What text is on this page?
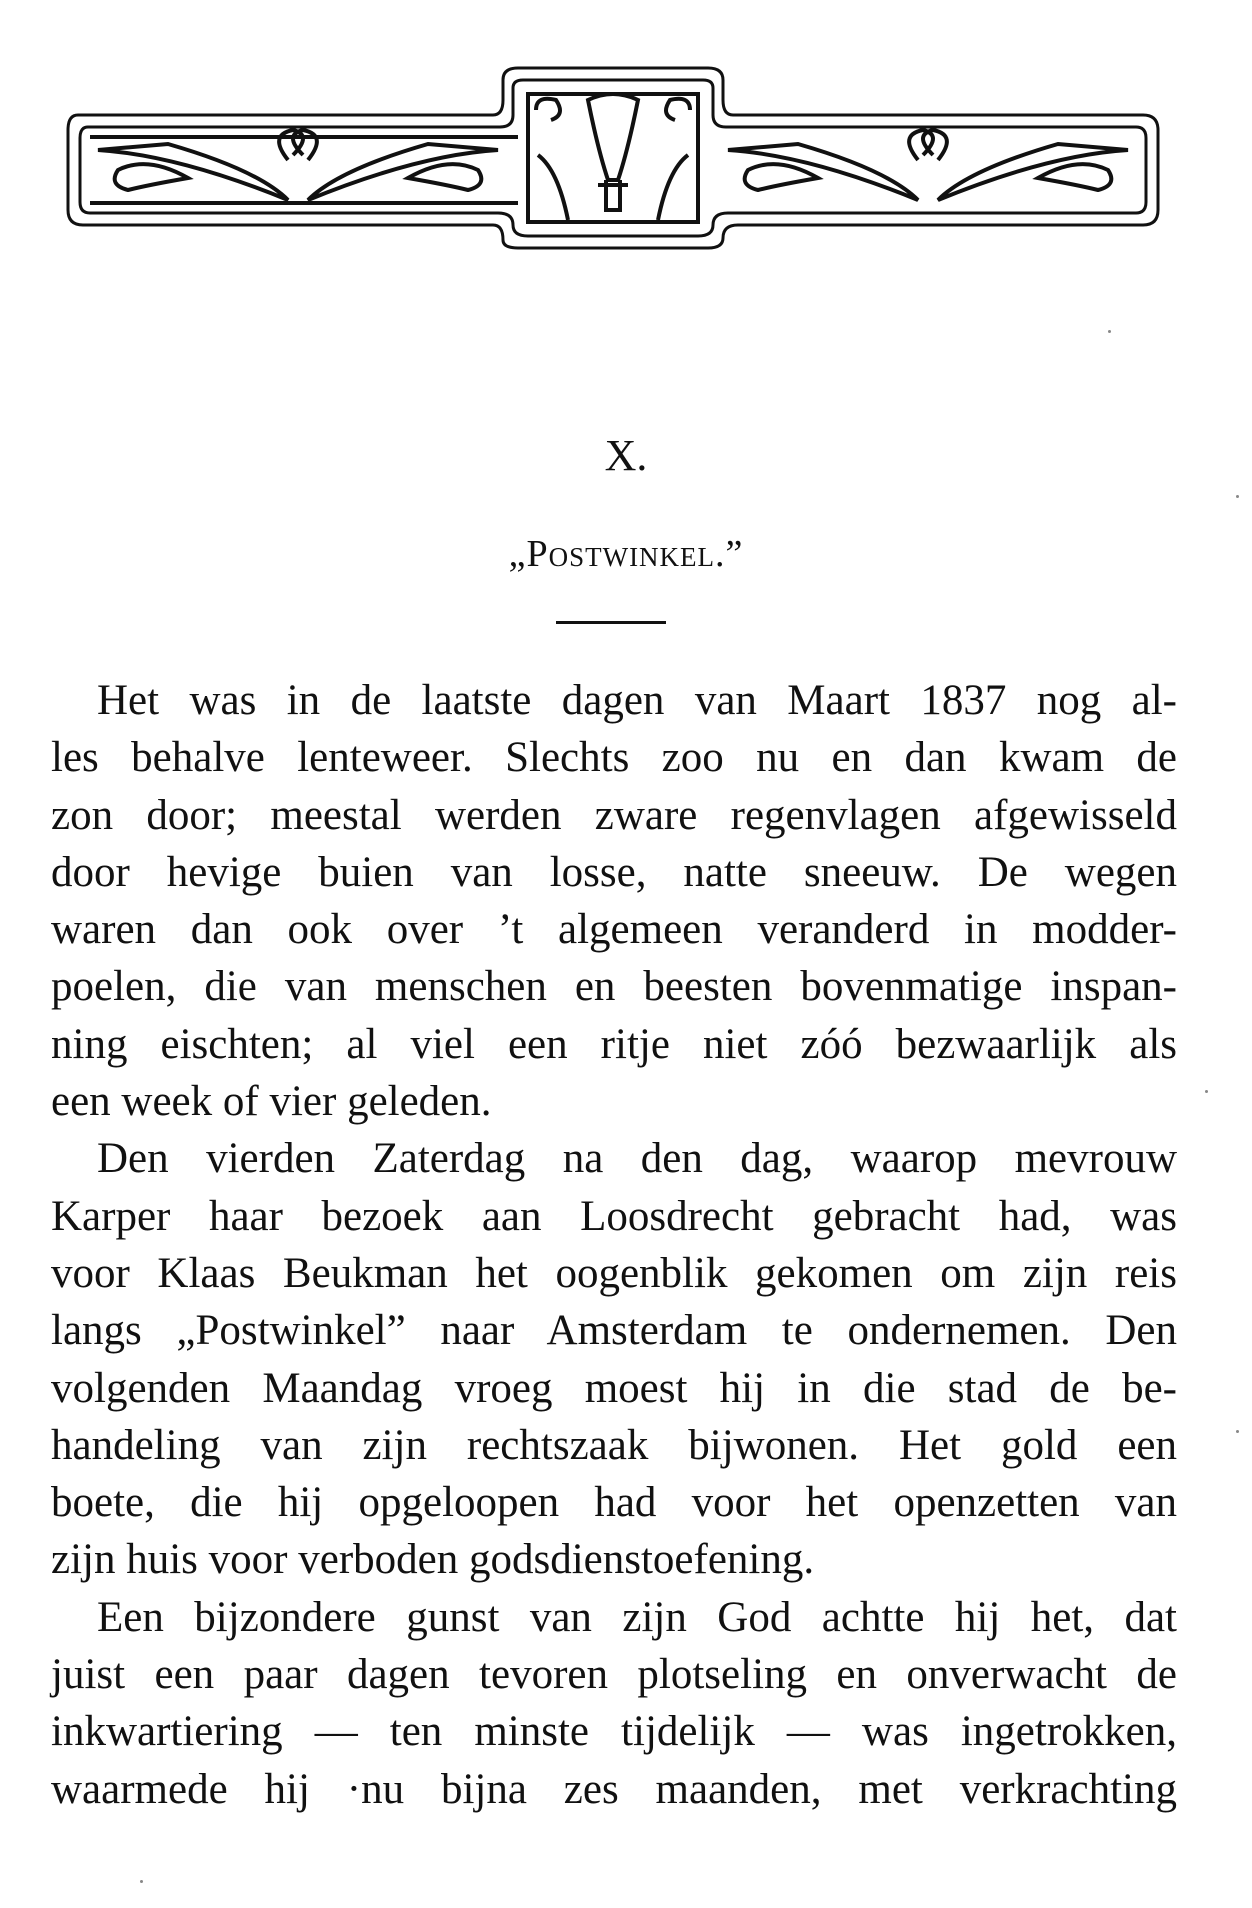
X.
„Postwinkel.”
Het was in de laatste dagen van Maart 1837 nog al-
les behalve lenteweer. Slechts zoo nu en dan kwam de
zon door; meestal werden zware regenvlagen afgewisseld
door hevige buien van losse, natte sneeuw. De wegen
waren dan ook over ’t algemeen veranderd in modder-
poelen, die van menschen en beesten bovenmatige inspan-
ning eischten; al viel een ritje niet zóó bezwaarlijk als
een week of vier geleden.
Den vierden Zaterdag na den dag, waarop mevrouw
Karper haar bezoek aan Loosdrecht gebracht had, was
voor Klaas Beukman het oogenblik gekomen om zijn reis
langs „Postwinkel” naar Amsterdam te ondernemen. Den
volgenden Maandag vroeg moest hij in die stad de be-
handeling van zijn rechtszaak bijwonen. Het gold een
boete, die hij opgeloopen had voor het openzetten van
zijn huis voor verboden godsdienstoefening.
Een bijzondere gunst van zijn God achtte hij het, dat
juist een paar dagen tevoren plotseling en onverwacht de
inkwartiering — ten minste tijdelijk — was ingetrokken,
waarmede hij ·nu bijna zes maanden, met verkrachting
